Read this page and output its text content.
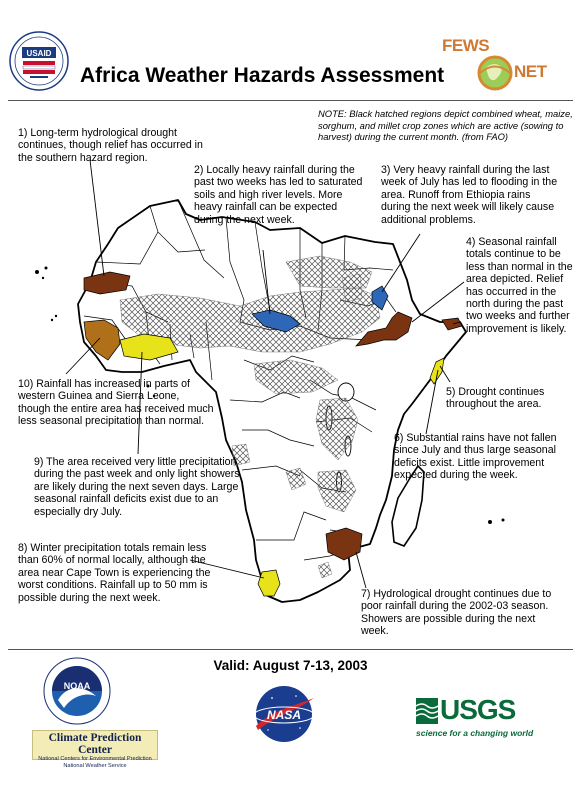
USAID
Africa Weather Hazards Assessment
FEWS
NET
NOTE: Black hatched regions depict combined wheat, maize, sorghum, and millet crop zones which are active (sowing to harvest) during the current month. (from FAO)
1) Long-term hydrological drought continues, though relief has occurred in the southern hazard region.
2) Locally heavy rainfall during the past two weeks has led to saturated soils and high river levels. More heavy rainfall can be expected during the next week.
3) Very heavy rainfall during the last week of July has led to flooding in the area. Runoff from Ethiopia rains during the next week will likely cause additional problems.
4) Seasonal rainfall totals continue to be less than normal in the area depicted. Relief has occurred in the north during the past two weeks and further improvement is likely.
5) Drought continues throughout the area.
6) Substantial rains have not fallen since July and thus large seasonal deficits exist. Little improvement expected during the week.
7) Hydrological drought continues due to poor rainfall during the 2002-03 season. Showers are possible during the next week.
8) Winter precipitation totals remain less than 60% of normal locally, although the area near Cape Town is experiencing the worst conditions. Rainfall up to 50 mm is possible during the next week.
9) The area received very little precipitation during the past week and only light showers are likely during the next seven days. Large seasonal rainfall deficits exist due to an especially dry July.
10) Rainfall has increased in parts of western Guinea and Sierra Leone, though the entire area has received much less seasonal precipitation than normal.
Valid: August 7-13, 2003
NOAA
Climate Prediction Center
National Centers for Environmental Prediction
National Weather Service
NASA	USGS
science for a changing world
